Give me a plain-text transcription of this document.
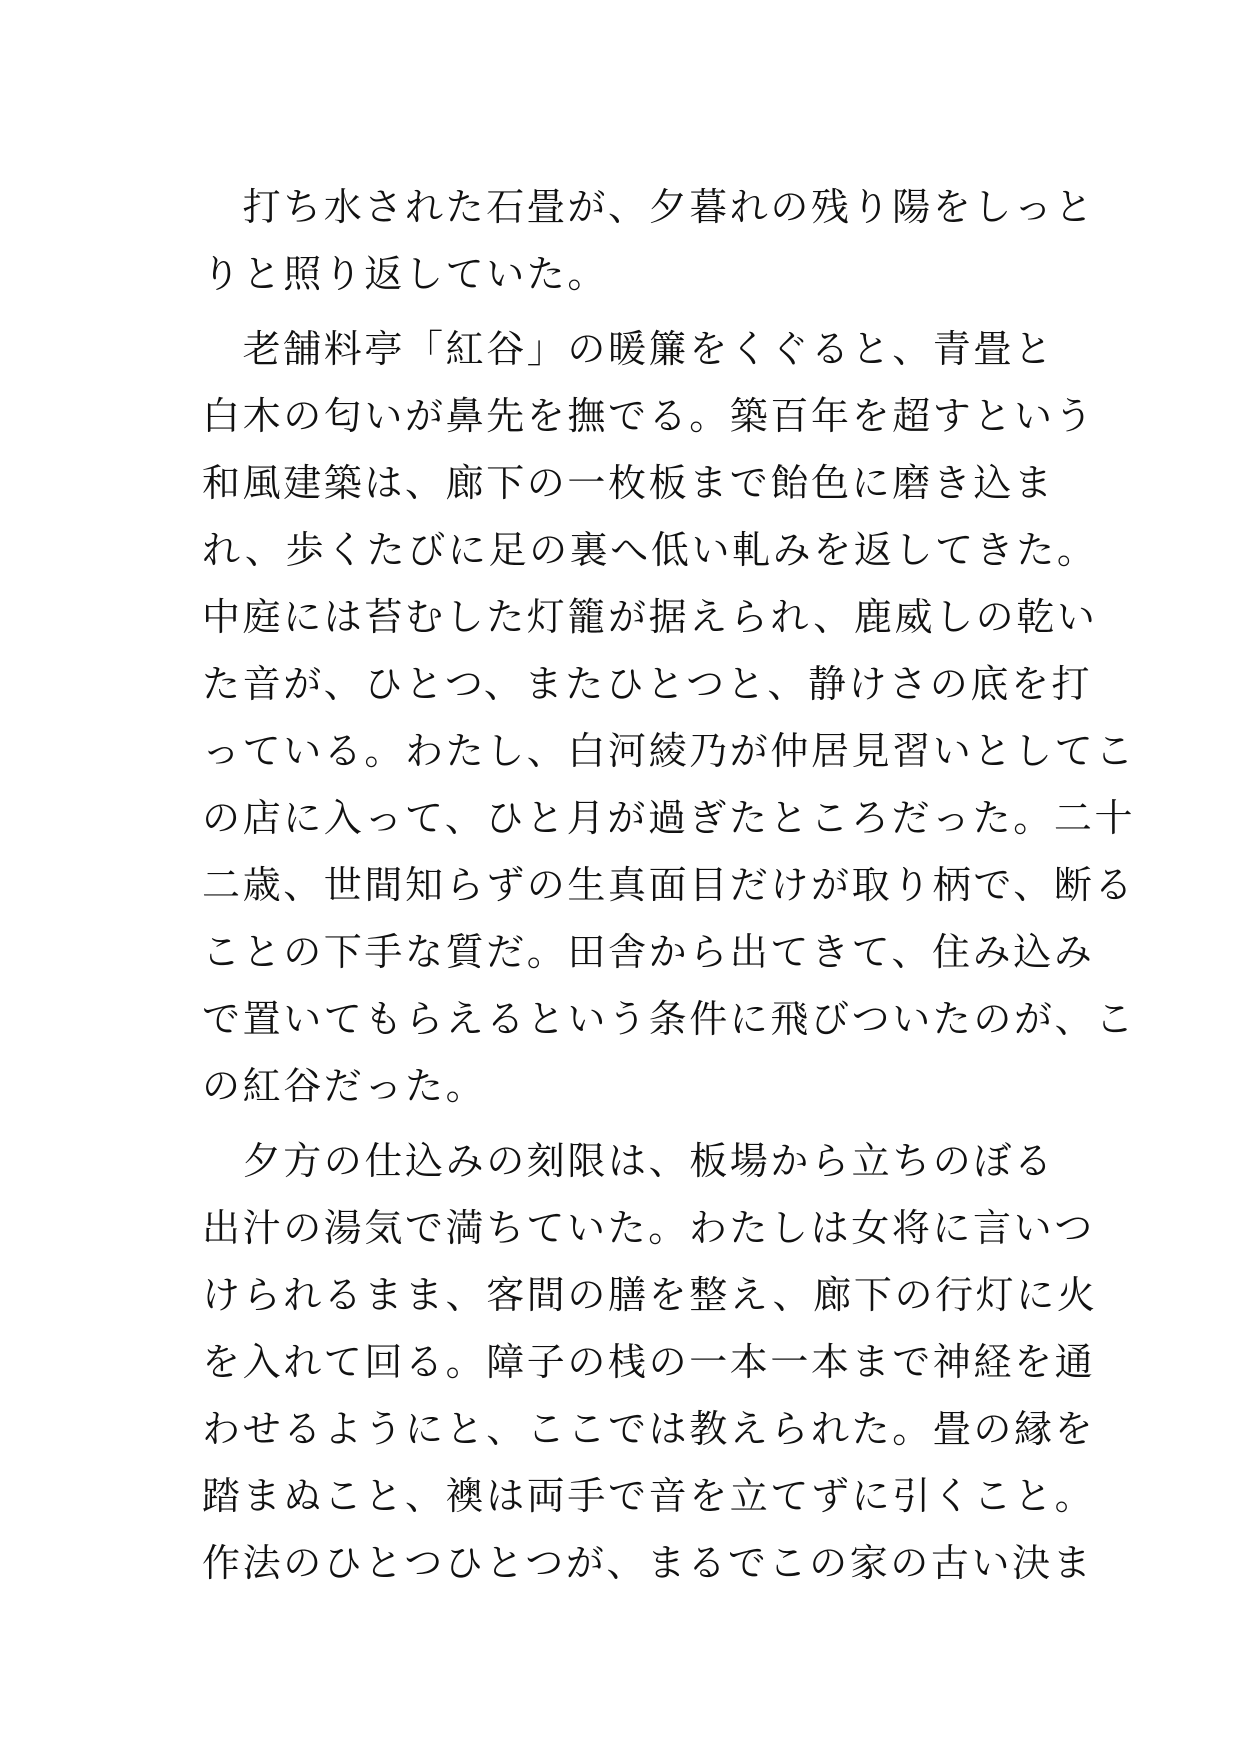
　打ち水された石畳が、夕暮れの残り陽をしっと
りと照り返していた。
　老舗料亭「紅谷」の暖簾をくぐると、青畳と
白木の匂いが鼻先を撫でる。築百年を超すという
和風建築は、廊下の一枚板まで飴色に磨き込ま
れ、歩くたびに足の裏へ低い軋みを返してきた。
中庭には苔むした灯籠が据えられ、鹿威しの乾い
た音が、ひとつ、またひとつと、静けさの底を打
っている。わたし、白河綾乃が仲居見習いとしてこ
の店に入って、ひと月が過ぎたところだった。二十
二歳、世間知らずの生真面目だけが取り柄で、断る
ことの下手な質だ。田舎から出てきて、住み込み
で置いてもらえるという条件に飛びついたのが、こ
の紅谷だった。
　夕方の仕込みの刻限は、板場から立ちのぼる
出汁の湯気で満ちていた。わたしは女将に言いつ
けられるまま、客間の膳を整え、廊下の行灯に火
を入れて回る。障子の桟の一本一本まで神経を通
わせるようにと、ここでは教えられた。畳の縁を
踏まぬこと、襖は両手で音を立てずに引くこと。
作法のひとつひとつが、まるでこの家の古い決ま
